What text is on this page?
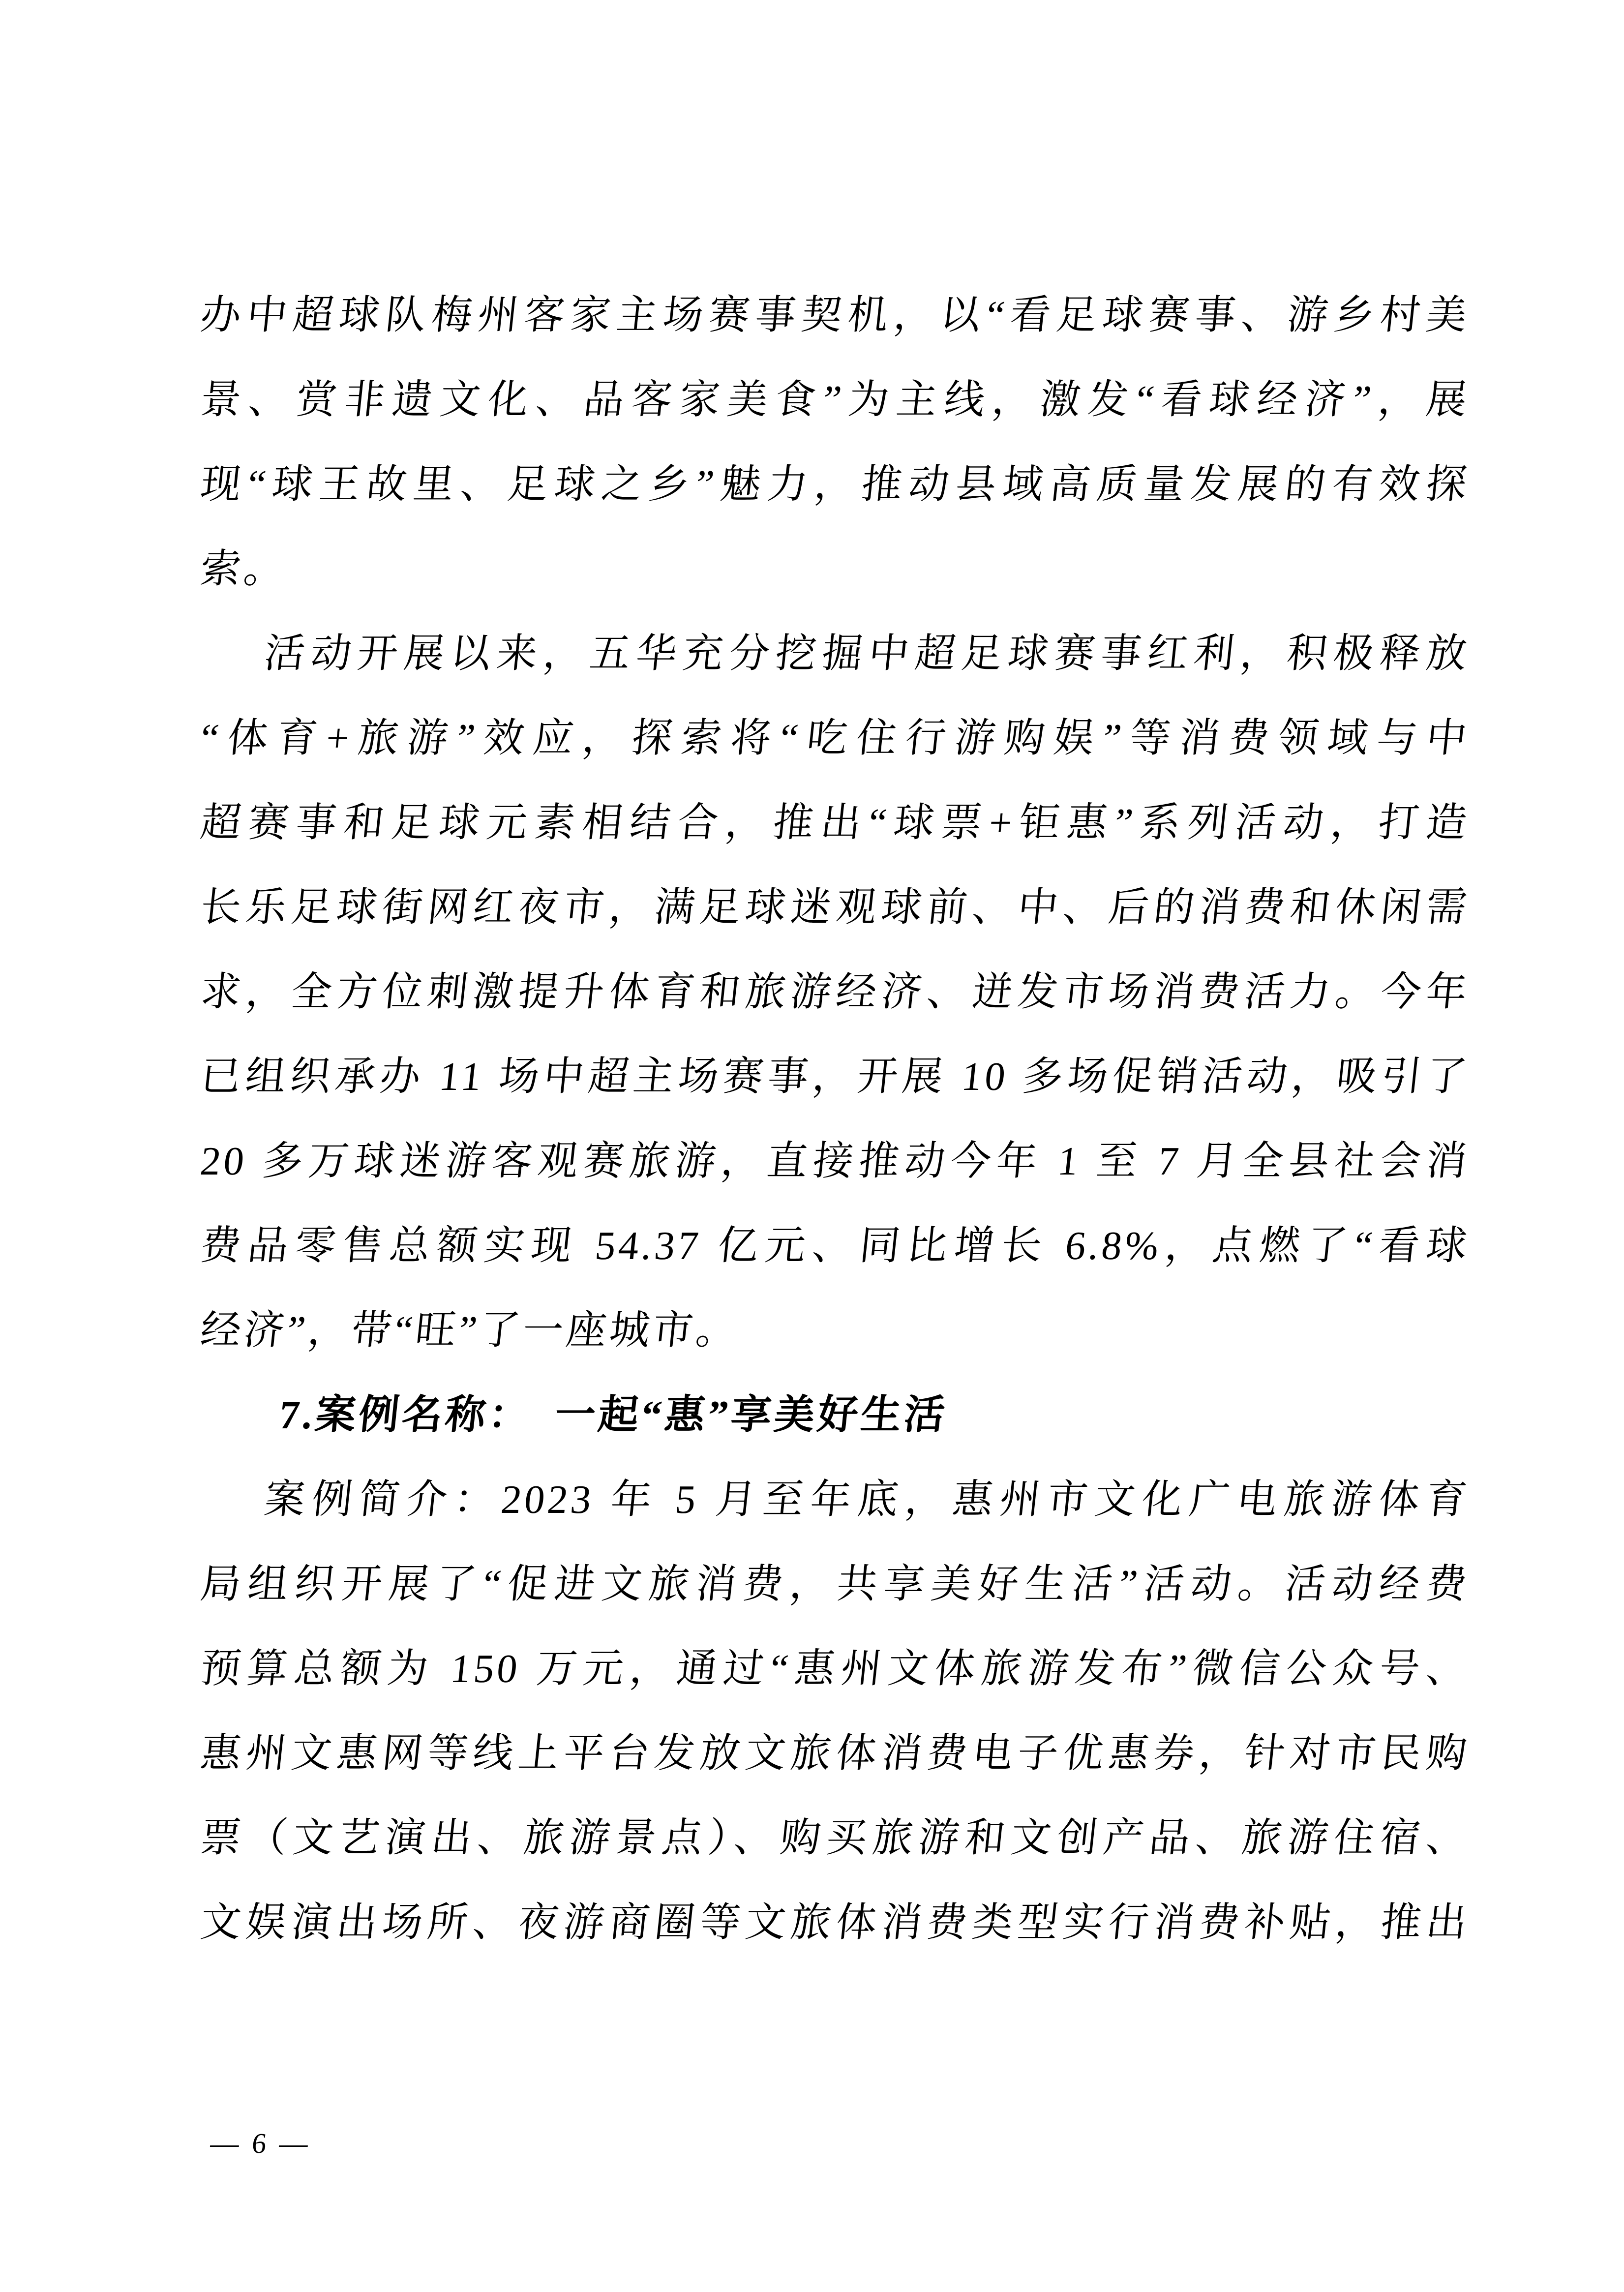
办中超球队梅州客家主场赛事契机，以“看足球赛事、游乡村美
景、赏非遗文化、品客家美食”为主线，激发“看球经济”，展
现“球王故里、足球之乡”魅力，推动县域高质量发展的有效探
索。
活动开展以来，五华充分挖掘中超足球赛事红利，积极释放
“体育+旅游”效应，探索将“吃住行游购娱”等消费领域与中
超赛事和足球元素相结合，推出“球票+钜惠”系列活动，打造
长乐足球街网红夜市，满足球迷观球前、中、后的消费和休闲需
求，全方位刺激提升体育和旅游经济、迸发市场消费活力。今年
已组织承办 11 场中超主场赛事，开展 10 多场促销活动，吸引了
20 多万球迷游客观赛旅游，直接推动今年 1 至 7 月全县社会消
费品零售总额实现 54.37 亿元、同比增长 6.8%，点燃了“看球
经济”，带“旺”了一座城市。
7.案例名称：　一起“惠”享美好生活
案例简介：2023 年 5 月至年底，惠州市文化广电旅游体育
局组织开展了“促进文旅消费，共享美好生活”活动。活动经费
预算总额为 150 万元，通过“惠州文体旅游发布”微信公众号、
惠州文惠网等线上平台发放文旅体消费电子优惠券，针对市民购
票（文艺演出、旅游景点）、购买旅游和文创产品、旅游住宿、
文娱演出场所、夜游商圈等文旅体消费类型实行消费补贴，推出
— 6 —
